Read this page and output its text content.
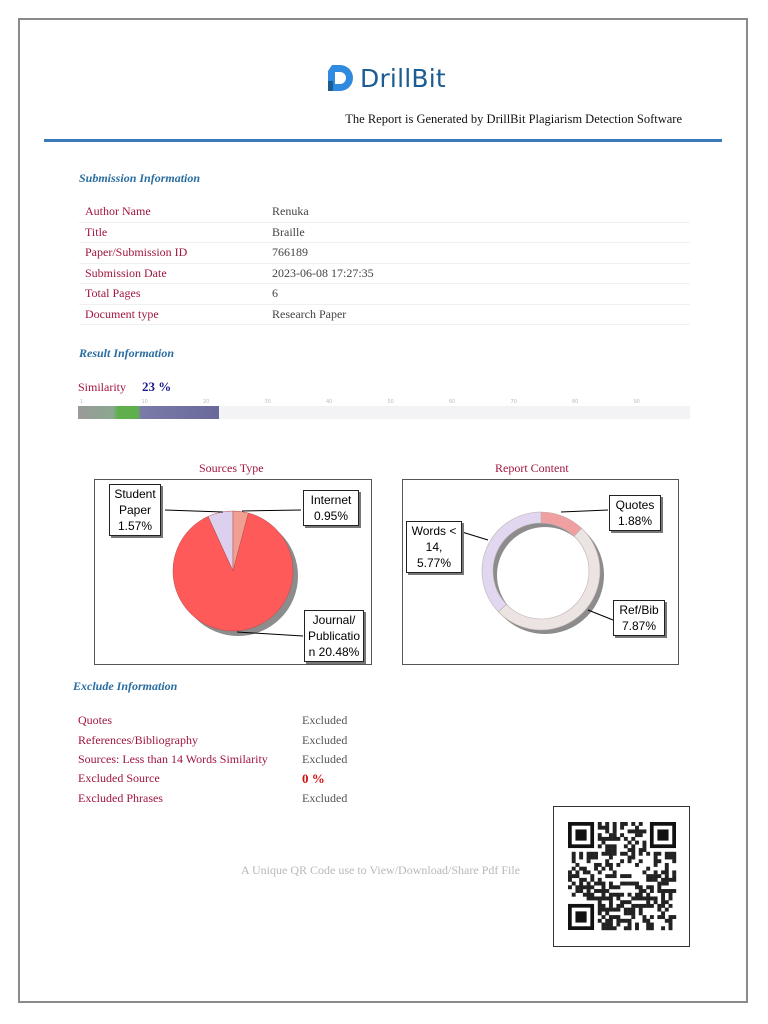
DrillBit
The Report is Generated by DrillBit Plagiarism Detection Software
Submission Information
Author Name	Renuka
Title	Braille
Paper/Submission ID	766189
Submission Date	2023-06-08 17:27:35
Total Pages	6
Document type	Research Paper
Result Information
Similarity 23 %
1	10	20	30	40	50	60	70	80	90
Sources Type
Student
Paper
1.57%
Internet
0.95%
Journal/
Publicatio
n 20.48%
Report Content
Quotes
1.88%
Words <
14,
5.77%
Ref/Bib
7.87%
Exclude Information
Quotes	Excluded
References/Bibliography	Excluded
Sources: Less than 14 Words Similarity	Excluded
Excluded Source	0 %
Excluded Phrases	Excluded
A Unique QR Code use to View/Download/Share Pdf File
